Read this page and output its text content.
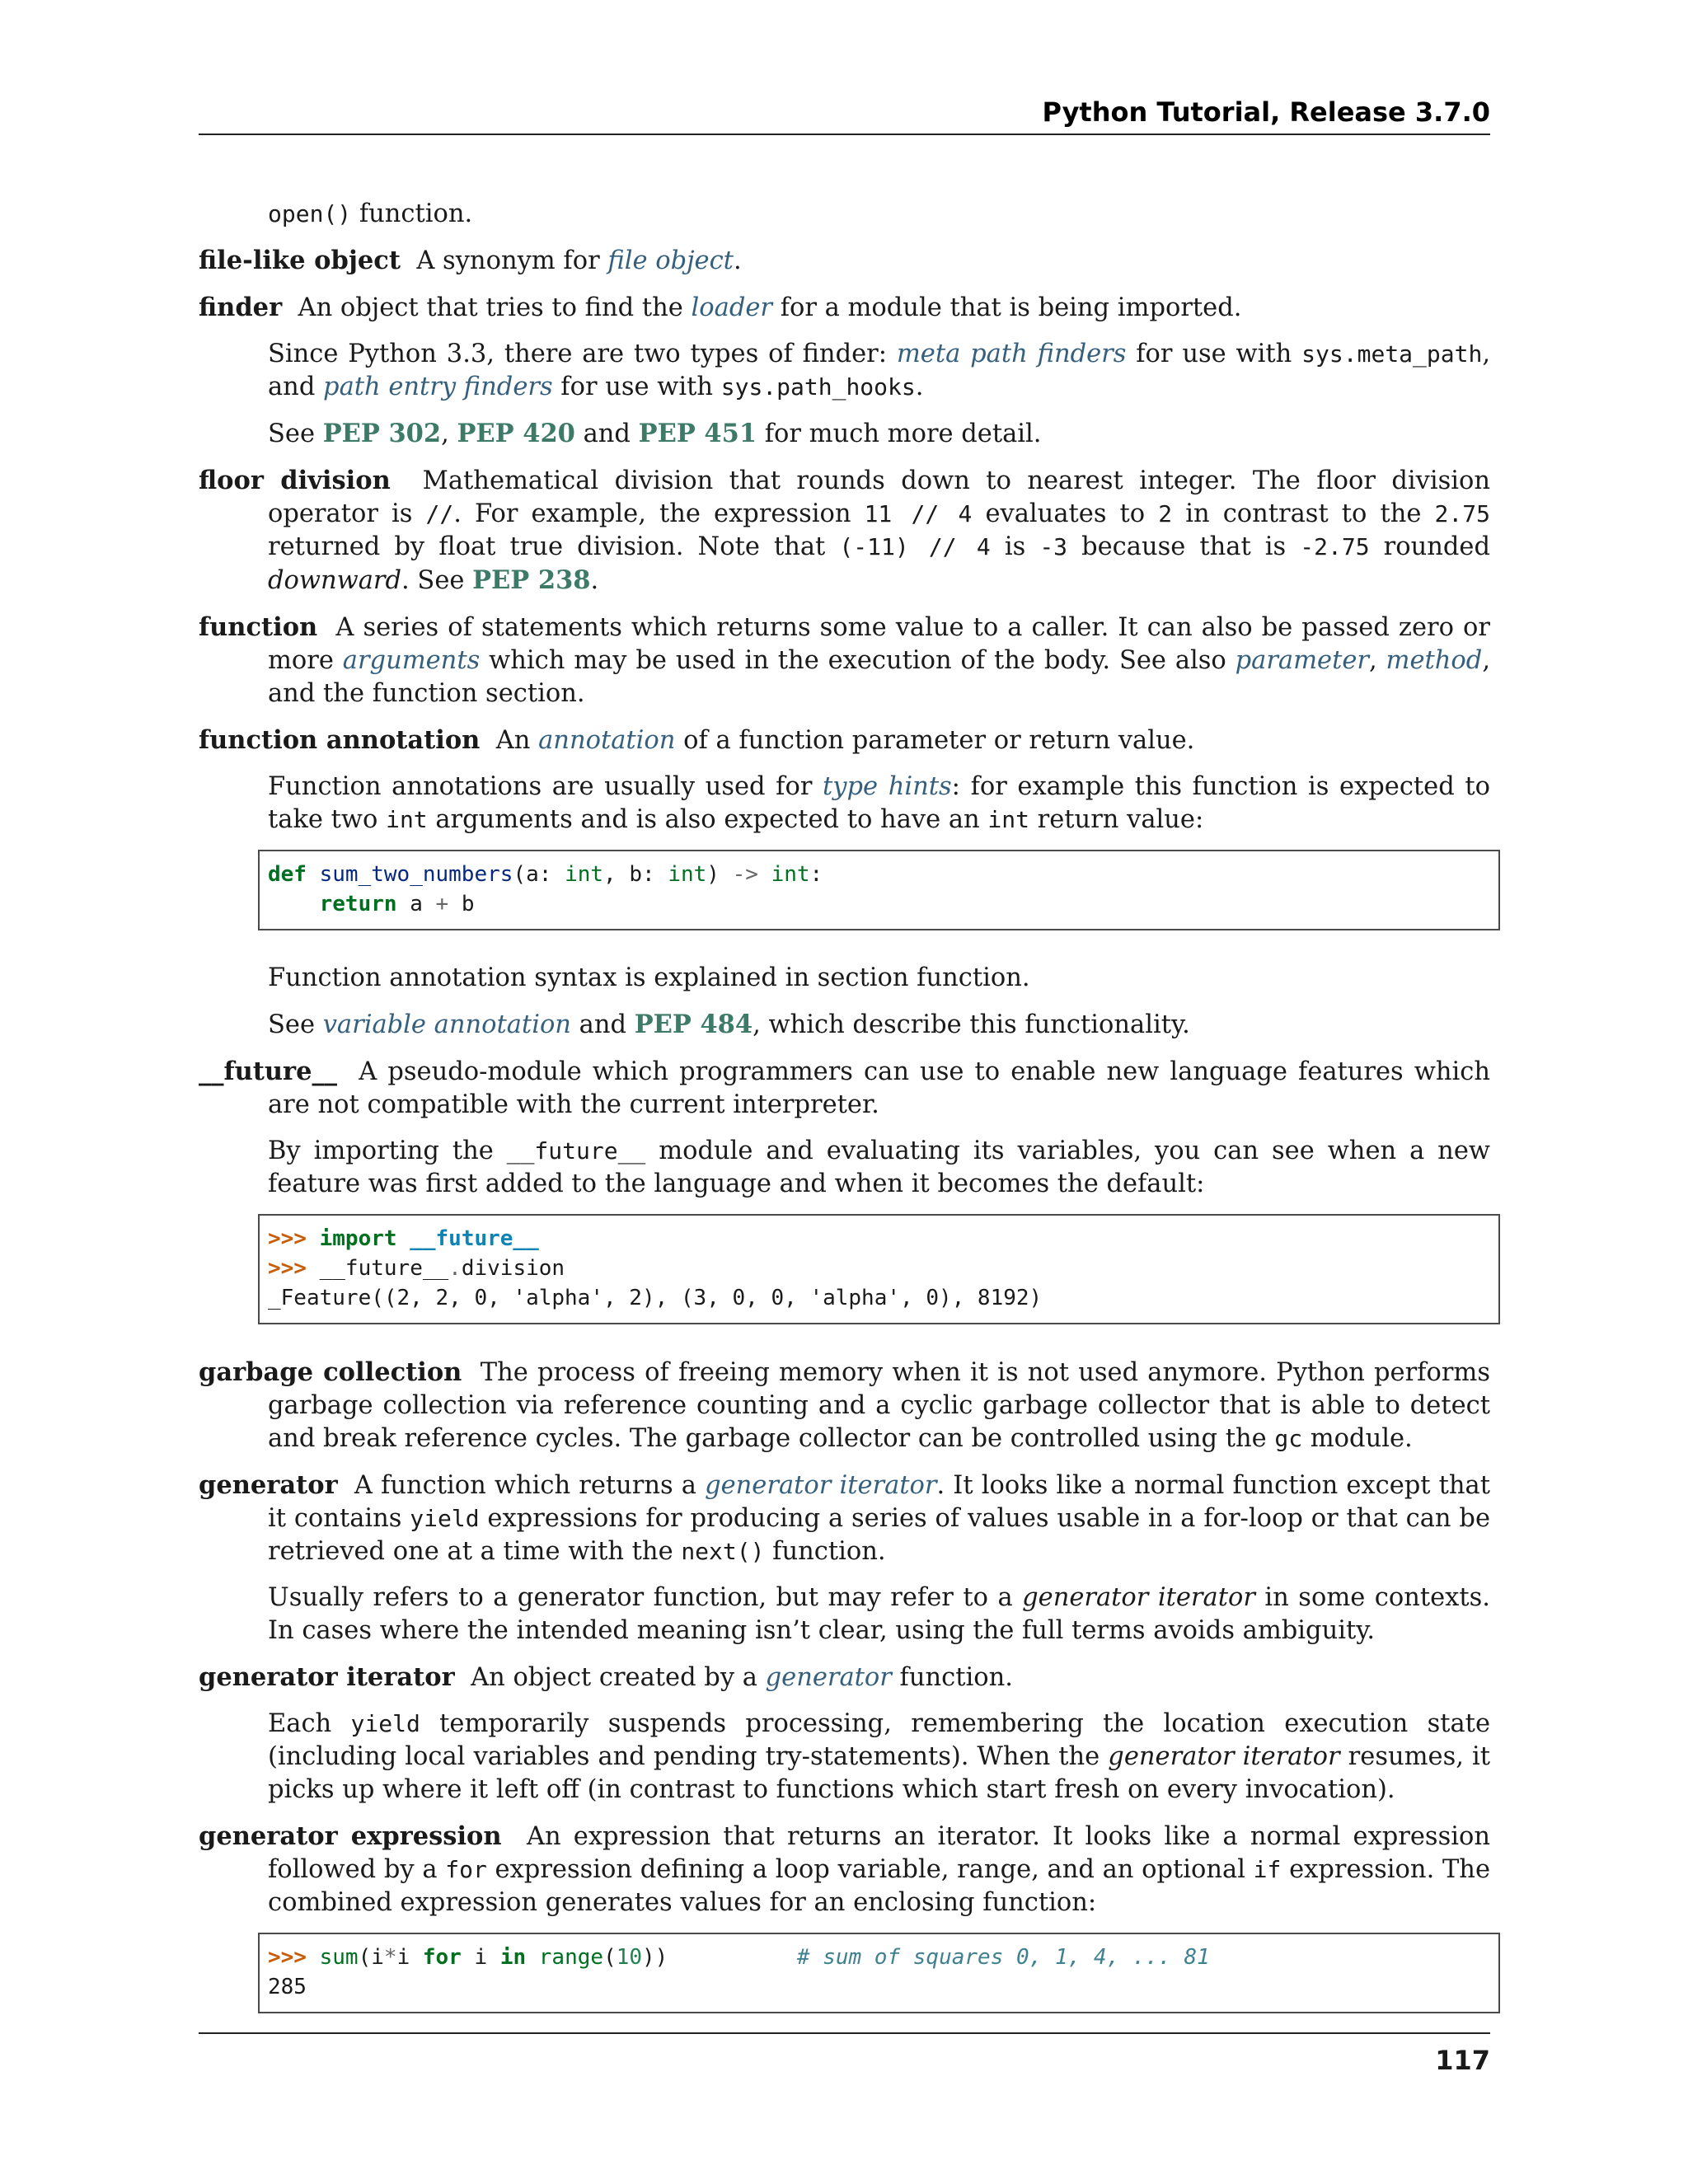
Python Tutorial, Release 3.7.0

open() function.

file-like object A synonym for file object.

finder An object that tries to find the loader for a module that is being imported.

Since Python 3.3, there are two types of finder: meta path finders for use with sys.meta_path, and path entry finders for use with sys.path_hooks.

See PEP 302, PEP 420 and PEP 451 for much more detail.

floor division Mathematical division that rounds down to nearest integer. The floor division operator is //. For example, the expression 11 // 4 evaluates to 2 in contrast to the 2.75 returned by float true division. Note that (-11) // 4 is -3 because that is -2.75 rounded downward. See PEP 238.

function A series of statements which returns some value to a caller. It can also be passed zero or more arguments which may be used in the execution of the body. See also parameter, method, and the function section.

function annotation An annotation of a function parameter or return value.

Function annotations are usually used for type hints: for example this function is expected to take two int arguments and is also expected to have an int return value:

def sum_two_numbers(a: int, b: int) -> int:
return a + b

Function annotation syntax is explained in section function.

See variable annotation and PEP 484, which describe this functionality.

__future__ A pseudo-module which programmers can use to enable new language features which are not compatible with the current interpreter.

By importing the __future__ module and evaluating its variables, you can see when a new feature was first added to the language and when it becomes the default:

>>> import __future__
>>> __future__.division
_Feature((2, 2, 0, 'alpha', 2), (3, 0, 0, 'alpha', 0), 8192)

garbage collection The process of freeing memory when it is not used anymore. Python performs garbage collection via reference counting and a cyclic garbage collector that is able to detect and break reference cycles. The garbage collector can be controlled using the gc module.

generator A function which returns a generator iterator. It looks like a normal function except that it contains yield expressions for producing a series of values usable in a for-loop or that can be retrieved one at a time with the next() function.

Usually refers to a generator function, but may refer to a generator iterator in some contexts. In cases where the intended meaning isn’t clear, using the full terms avoids ambiguity.

generator iterator An object created by a generator function.

Each yield temporarily suspends processing, remembering the location execution state (including local variables and pending try-statements). When the generator iterator resumes, it picks up where it left off (in contrast to functions which start fresh on every invocation).

generator expression An expression that returns an iterator. It looks like a normal expression followed by a for expression defining a loop variable, range, and an optional if expression. The combined expression generates values for an enclosing function:

>>> sum(i*i for i in range(10))	# sum of squares 0, 1, 4, ... 81
285
117
